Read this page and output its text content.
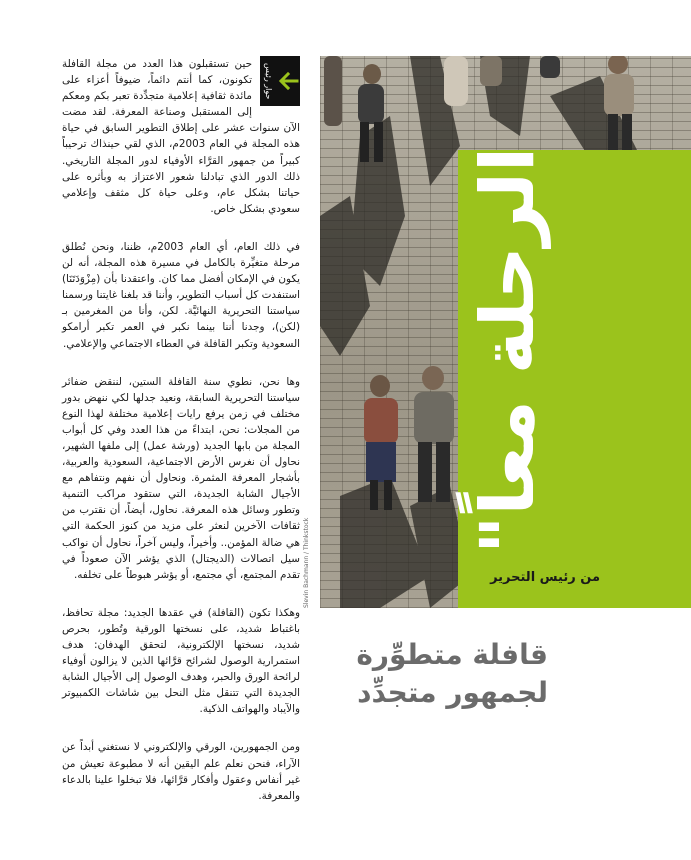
حوار رئيس
حين تستقبلون هذا العدد من مجلة القافلة تكونون، كما أنتم دائماً، ضيوفاً أعزاء على مائدة ثقافية إعلامية متجدِّدة تعبر بكم ومعكم إلى المستقبل وصناعة المعرفة. لقد مضت الآن سنوات عشر على إطلاق التطوير السابق في حياة هذه المجلة في العام 2003م، الذي لقي حينذاك ترحيباً كبيراً من جمهور القرَّاء الأوفياء لدور المجلة التاريخي. ذلك الدور الذي تبادلنا شعور الاعتزاز به وبأثره على حياتنا بشكل عام، وعلى حياة كل مثقف وإعلامي سعودي بشكل خاص.

في ذلك العام، أي العام 2003م، ظننا، ونحن نُطلق مرحلة متغيِّرة بالكامل في مسيرة هذه المجلة، أنه لن يكون في الإمكان أفضل مما كان. واعتقدنا بأن (مِزْوَدَتَنَا) استنفدت كل أسباب التطوير، وأننا قد بلغنا غايتنا ورسمنا سياستنا التحريرية النهائيَّة. لكن، وأنا من المغرمين بـ (لكن)، وجدنا أننا بينما نكبر في العمر تكبر أرامكو السعودية وتكبر القافلة في العطاء الاجتماعي والإعلامي.

وها نحن، نطوي سنة القافلة الستين، لننقض ضفائر سياستنا التحريرية السابقة، ونعيد جدلها لكي ننهض بدور مختلف في زمن يرفع رايات إعلامية مختلفة لهذا النوع من المجلات: نحن، ابتداءً من هذا العدد وفي كل أبواب المجلة من بابها الجديد (ورشة عمل) إلى ملفها الشهير، نحاول أن نغرس الأرض الاجتماعية، السعودية والعربية، بأشجار المعرفة المثمرة. ونحاول أن نفهم ونتفاهم مع الأجيال الشابة الجديدة، التي ستقود مراكب التنمية وتطور وسائل هذه المعرفة. نحاول، أيضاً، أن نقترب من ثقافات الآخرين لنعثر على مزيد من كنوز الحكمة التي هي ضالة المؤمن.. وأخيراً، وليس آخراً، نحاول أن نواكب سيل اتصالات (الديجتال) الذي يؤشر الآن صعوداً في تقدم المجتمع، أي مجتمع، أو يؤشر هبوطاً على تخلفه.

وهكذا تكون (القافلة) في عقدها الجديد: مجلة تحافظ، باغتباط شديد، على نسختها الورقية وتُطور، بحرص شديد، نسختها الإلكترونية، لتحقق الهدفان: هدف استمرارية الوصول لشرائح قرَّائها الذين لا يزالون أوفياء لرائحة الورق والحبر، وهدف الوصول إلى الأجيال الشابة الجديدة التي تتنقل مثل النحل بين شاشات الكمبيوتر والآيباد والهواتف الذكية.

ومن الجمهورين، الورقي والإلكتروني لا نستغني أبداً عن الآراء، فنحن نعلم علم اليقين أنه لا مطبوعة تعيش من غير أنفاس وعقول وأفكار قرَّائها، فلا تبخلوا علينا بالدعاء والمعرفة.

الرحلة معاً"
من رئيس التحرير
Slevin Bachmann / Thinkstock
قافلة متطوِّرة
لجمهور متجدِّد
